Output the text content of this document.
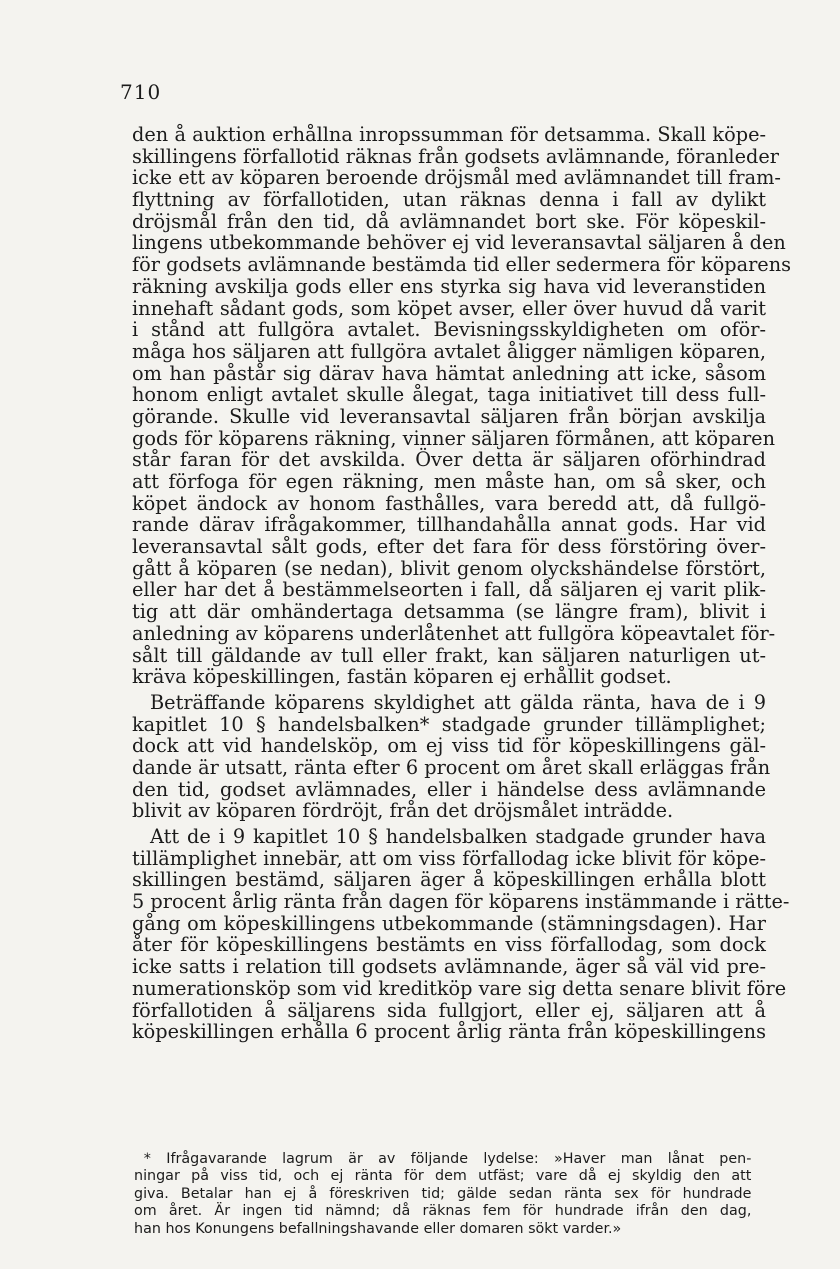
710
den å auktion erhållna inropssumman för detsamma. Skall köpe-
skillingens förfallotid räknas från godsets avlämnande, föranleder
icke ett av köparen beroende dröjsmål med avlämnandet till fram-
flyttning av förfallotiden, utan räknas denna i fall av dylikt
dröjsmål från den tid, då avlämnandet bort ske. För köpeskil-
lingens utbekommande behöver ej vid leveransavtal säljaren å den
för godsets avlämnande bestämda tid eller sedermera för köparens
räkning avskilja gods eller ens styrka sig hava vid leveranstiden
innehaft sådant gods, som köpet avser, eller över huvud då varit
i stånd att fullgöra avtalet. Bevisningsskyldigheten om oför-
måga hos säljaren att fullgöra avtalet åligger nämligen köparen,
om han påstår sig därav hava hämtat anledning att icke, såsom
honom enligt avtalet skulle ålegat, taga initiativet till dess full-
görande. Skulle vid leveransavtal säljaren från början avskilja
gods för köparens räkning, vinner säljaren förmånen, att köparen
står faran för det avskilda. Över detta är säljaren oförhindrad
att förfoga för egen räkning, men måste han, om så sker, och
köpet ändock av honom fasthålles, vara beredd att, då fullgö-
rande därav ifrågakommer, tillhandahålla annat gods. Har vid
leveransavtal sålt gods, efter det fara för dess förstöring över-
gått å köparen (se nedan), blivit genom olyckshändelse förstört,
eller har det å bestämmelseorten i fall, då säljaren ej varit plik-
tig att där omhändertaga detsamma (se längre fram), blivit i
anledning av köparens underlåtenhet att fullgöra köpeavtalet för-
sålt till gäldande av tull eller frakt, kan säljaren naturligen ut-
kräva köpeskillingen, fastän köparen ej erhållit godset.
Beträffande köparens skyldighet att gälda ränta, hava de i 9
kapitlet 10 § handelsbalken* stadgade grunder tillämplighet;
dock att vid handelsköp, om ej viss tid för köpeskillingens gäl-
dande är utsatt, ränta efter 6 procent om året skall erläggas från
den tid, godset avlämnades, eller i händelse dess avlämnande
blivit av köparen fördröjt, från det dröjsmålet inträdde.
Att de i 9 kapitlet 10 § handelsbalken stadgade grunder hava
tillämplighet innebär, att om viss förfallodag icke blivit för köpe-
skillingen bestämd, säljaren äger å köpeskillingen erhålla blott
5 procent årlig ränta från dagen för köparens instämmande i rätte-
gång om köpeskillingens utbekommande (stämningsdagen). Har
åter för köpeskillingens bestämts en viss förfallodag, som dock
icke satts i relation till godsets avlämnande, äger så väl vid pre-
numerationsköp som vid kreditköp vare sig detta senare blivit före
förfallotiden å säljarens sida fullgjort, eller ej, säljaren att å
köpeskillingen erhålla 6 procent årlig ränta från köpeskillingens
* Ifrågavarande lagrum är av följande lydelse: »Haver man lånat pen-
ningar på viss tid, och ej ränta för dem utfäst; vare då ej skyldig den att
giva. Betalar han ej å föreskriven tid; gälde sedan ränta sex för hundrade
om året. Är ingen tid nämnd; då räknas fem för hundrade ifrån den dag,
han hos Konungens befallningshavande eller domaren sökt varder.»
